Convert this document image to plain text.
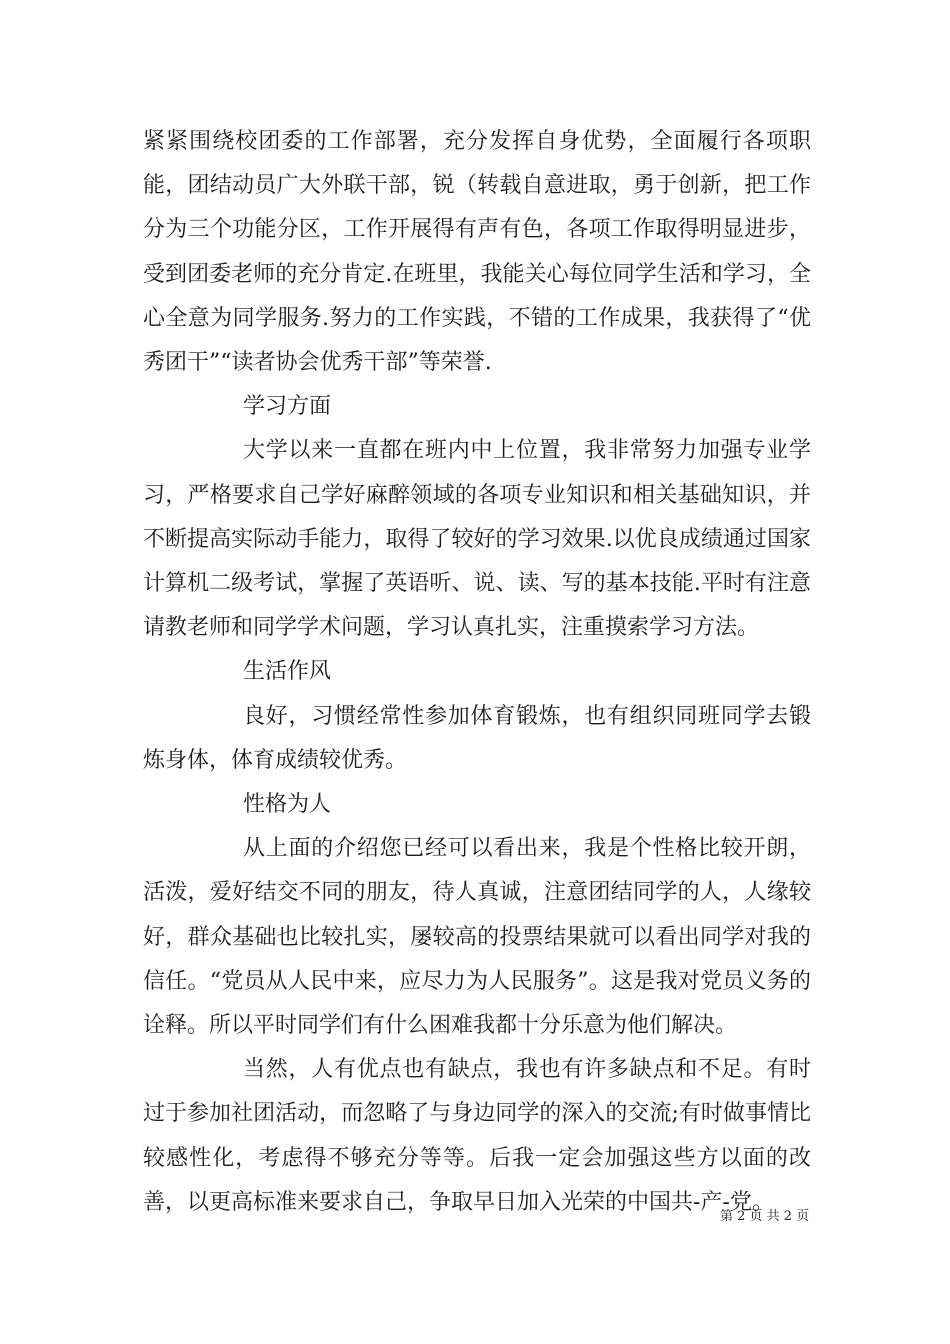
紧紧围绕校团委的工作部署，充分发挥自身优势，全面履行各项职能，团结动员广大外联干部，锐（转载自意进取，勇于创新，把工作分为三个功能分区，工作开展得有声有色，各项工作取得明显进步，受到团委老师的充分肯定.在班里，我能关心每位同学生活和学习，全心全意为同学服务.努力的工作实践，不错的工作成果，我获得了“优秀团干”“读者协会优秀干部”等荣誉.

学习方面

大学以来一直都在班内中上位置，我非常努力加强专业学习，严格要求自己学好麻醉领域的各项专业知识和相关基础知识，并不断提高实际动手能力，取得了较好的学习效果.以优良成绩通过国家计算机二级考试，掌握了英语听、说、读、写的基本技能.平时有注意请教老师和同学学术问题，学习认真扎实，注重摸索学习方法。

生活作风

良好，习惯经常性参加体育锻炼，也有组织同班同学去锻炼身体，体育成绩较优秀。

性格为人

从上面的介绍您已经可以看出来，我是个性格比较开朗，活泼，爱好结交不同的朋友，待人真诚，注意团结同学的人，人缘较好，群众基础也比较扎实，屡较高的投票结果就可以看出同学对我的信任。“党员从人民中来，应尽力为人民服务”。这是我对党员义务的诠释。所以平时同学们有什么困难我都十分乐意为他们解决。

当然，人有优点也有缺点，我也有许多缺点和不足。有时过于参加社团活动，而忽略了与身边同学的深入的交流;有时做事情比较感性化，考虑得不够充分等等。后我一定会加强这些方以面的改善，以更高标准来要求自己，争取早日加入光荣的中国共-产-党。

第 2 页 共 2 页
